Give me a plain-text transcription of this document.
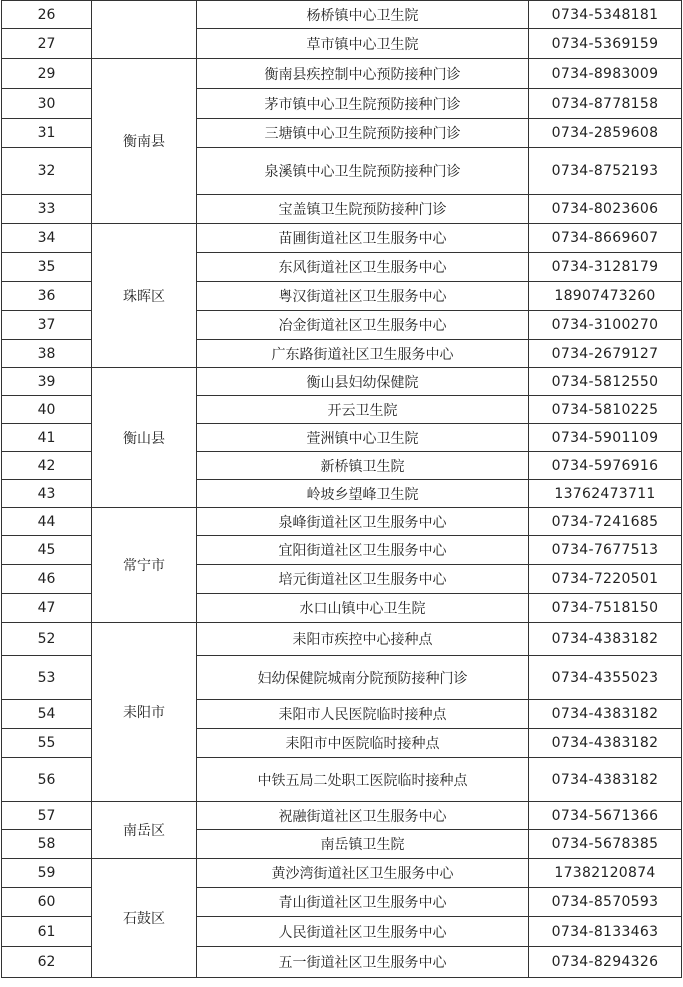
26		杨桥镇中心卫生院	0734-5348181
27		草市镇中心卫生院	0734-5369159
29	衡南县	衡南县疾控制中心预防接种门诊	0734-8983009
30		茅市镇中心卫生院预防接种门诊	0734-8778158
31		三塘镇中心卫生院预防接种门诊	0734-2859608
32		泉溪镇中心卫生院预防接种门诊	0734-8752193
33		宝盖镇卫生院预防接种门诊	0734-8023606
34	珠晖区	苗圃街道社区卫生服务中心	0734-8669607
35		东风街道社区卫生服务中心	0734-3128179
36		粤汉街道社区卫生服务中心	18907473260
37		冶金街道社区卫生服务中心	0734-3100270
38		广东路街道社区卫生服务中心	0734-2679127
39	衡山县	衡山县妇幼保健院	0734-5812550
40		开云卫生院	0734-5810225
41		萱洲镇中心卫生院	0734-5901109
42		新桥镇卫生院	0734-5976916
43		岭坡乡望峰卫生院	13762473711
44	常宁市	泉峰街道社区卫生服务中心	0734-7241685
45		宜阳街道社区卫生服务中心	0734-7677513
46		培元街道社区卫生服务中心	0734-7220501
47		水口山镇中心卫生院	0734-7518150
52	耒阳市	耒阳市疾控中心接种点	0734-4383182
53		妇幼保健院城南分院预防接种门诊	0734-4355023
54		耒阳市人民医院临时接种点	0734-4383182
55		耒阳市中医院临时接种点	0734-4383182
56		中铁五局二处职工医院临时接种点	0734-4383182
57	南岳区	祝融街道社区卫生服务中心	0734-5671366
58		南岳镇卫生院	0734-5678385
59	石鼓区	黄沙湾街道社区卫生服务中心	17382120874
60		青山街道社区卫生服务中心	0734-8570593
61		人民街道社区卫生服务中心	0734-8133463
62		五一街道社区卫生服务中心	0734-8294326
